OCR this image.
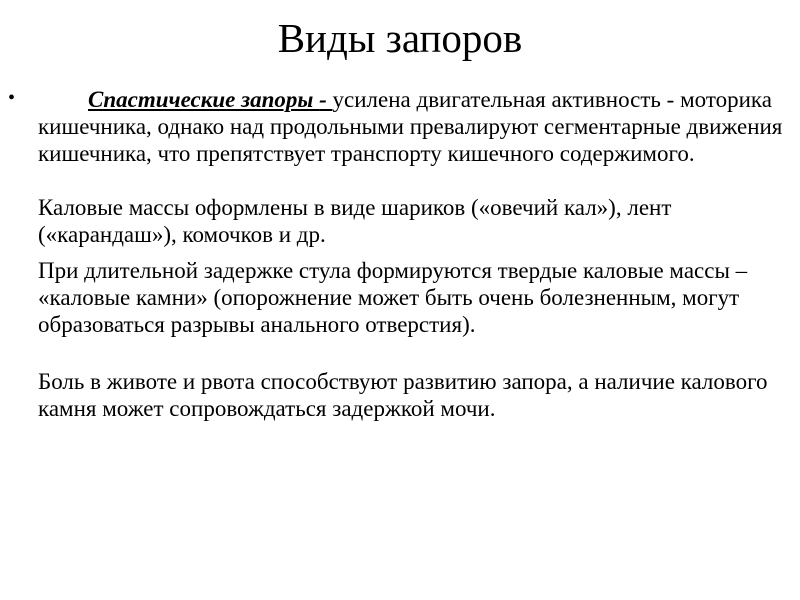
Виды запоров
•	Спастические запоры - усилена двигательная активность - моторика кишечника, однако над продольными превалируют сегментарные движения кишечника, что препятствует транспорту кишечного содержимого.

Каловые массы оформлены в виде шариков («овечий кал»), лент («карандаш»), комочков и др.

При длительной задержке стула формируются твердые каловые массы – «каловые камни» (опорожнение может быть очень болезненным, могут образоваться разрывы анального отверстия).

Боль в животе и рвота способствуют развитию запора, а наличие калового камня может сопровождаться задержкой мочи.
